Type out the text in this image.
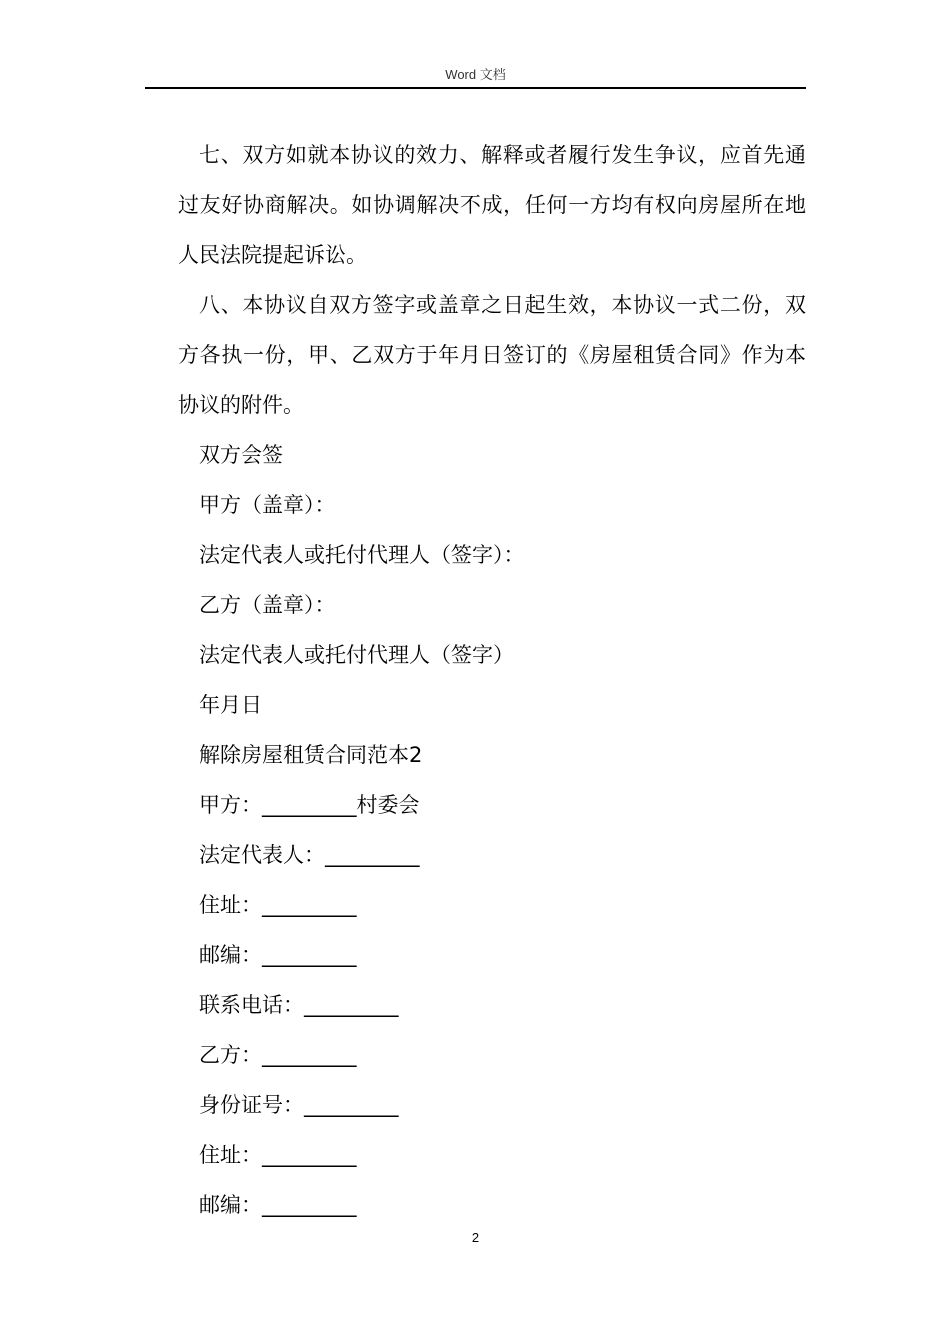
Word 文档

七、双方如就本协议的效力、解释或者履行发生争议，应首先通过友好协商解决。如协调解决不成，任何一方均有权向房屋所在地人民法院提起诉讼。

八、本协议自双方签字或盖章之日起生效，本协议一式二份，双方各执一份，甲、乙双方于年月日签订的《房屋租赁合同》作为本协议的附件。

双方会签

甲方（盖章）：

法定代表人或托付代理人（签字）：

乙方（盖章）：

法定代表人或托付代理人（签字）

年月日

解除房屋租赁合同范本2

甲方：_________村委会

法定代表人：_________

住址：_________

邮编：_________

联系电话：_________

乙方：_________

身份证号：_________

住址：_________

邮编：_________

2
